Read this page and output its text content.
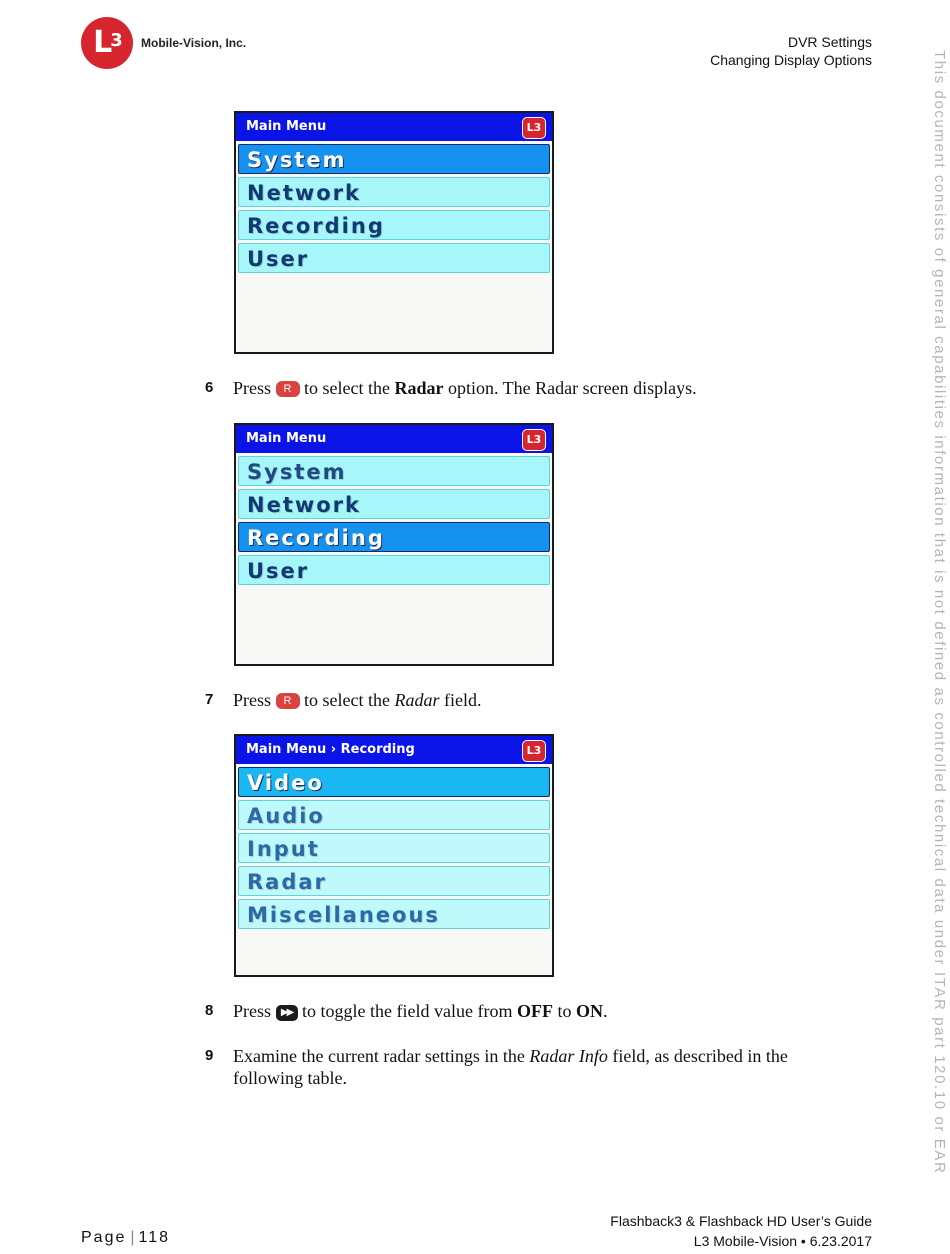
$L^3$	Mobile-Vision, Inc.	DVR Settings
Changing Display Options	This document consists of general capabilities information that is not defined as controlled technical data under ITAR part 120.10 or EAR
Main Menu	L3
System
Network
Recording
User
6 Press R to select the Radar option. The Radar screen displays.
Main Menu	L3
System
Network
Recording
User
7 Press R to select the Radar field.
Main Menu › Recording	L3
Video
Audio
Input
Radar
Miscellaneous
8 Press ▶▶ to toggle the field value from OFF to ON.
9 Examine the current radar settings in the Radar Info field, as described in the following table.
Page | 118
Flashback3 & Flashback HD User’s Guide
L3 Mobile-Vision • 6.23.2017
